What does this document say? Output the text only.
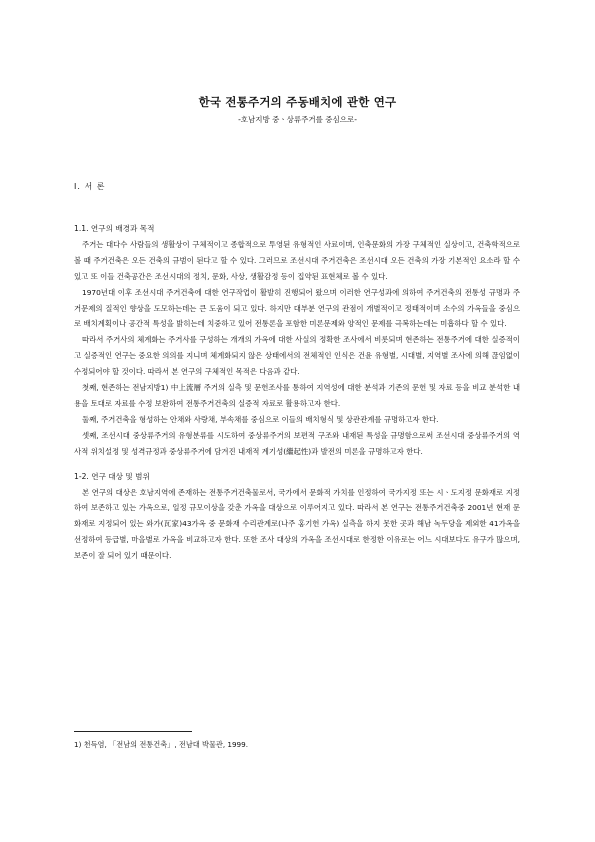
한국 전통주거의 주동배치에 관한 연구

-호남지방 중ㆍ상류주거를 중심으로-

Ⅰ. 서 론

1.1. 연구의 배경과 목적

주거는 대다수 사람들의 생활상이 구체적이고 종합적으로 투영된 유형적인 사료이며, 인축문화의 가장 구체적인 실상이고, 건축학적으로 볼 때 주거건축은 오든 건축의 규범이 된다고 할 수 있다. 그러므로 조선시대 주거건축은 조선시대 오든 건축의 가장 기본적인 요소라 할 수 있고 또 이들 건축공간은 조선시대의 정치, 문화, 사상, 생활감정 등이 집약된 표현체로 볼 수 있다.

1970년대 이후 조선시대 주거건축에 대한 연구작업이 활발히 진행되어 왔으며 이러한 연구성과에 의하여 주거건축의 전통성 규명과 주거문제의 질적인 향상을 도모하는데는 큰 도움이 되고 있다. 하지만 대부분 연구의 관점이 개별적이고 정태적이며 소수의 가옥들을 중심으로 배치계획이나 공간적 특성을 밝히는데 치중하고 있어 전통론을 포함한 미론문제와 양적인 문제를 극복하는데는 미흡하다 할 수 있다.

따라서 주거사의 체계화는 주거사를 구성하는 개개의 가옥에 대한 사실의 정확한 조사에서 비롯되며 현존하는 전통주거에 대한 실증적이고 실증적인 연구는 중요한 의의를 지니며 체계화되지 않은 상태에서의 전체적인 인식은 건윤 유형별, 시대별, 지역별 조사에 의해 끊임없이 수정되어야 할 것이다. 따라서 본 연구의 구체적인 목적은 다음과 같다.

첫째, 현존하는 전남지방1) 中上流層 주거의 실측 및 문헌조사를 통하여 지역성에 대한 분석과 기존의 문헌 및 자료 등을 비교 분석한 내용을 토대로 자료를 수정 보완하여 전통주거건축의 실증적 자료로 활용하고자 한다.

둘째, 주거건축을 형성하는 안채와 사랑채, 부속채를 중심으로 이들의 배치형식 및 상관관계를 규명하고자 한다.

셋째, 조선시대 중상류주거의 유형분류를 시도하여 중상류주거의 보편적 구조와 내재된 특성을 규명함으로써 조선시대 중상류주거의 역사적 위치설정 및 성격규정과 중상류주거에 담겨진 내재적 계기성(繼起性)과 발전의 미론을 규명하고자 한다.

1-2. 연구 대상 및 범위

본 연구의 대상은 호남지역에 존재하는 전통주거건축물로서, 국가에서 문화적 가치를 인정하여 국가지정 또는 시ㆍ도지정 문화재로 지정하여 보존하고 있는 가옥으로, 일정 규모이상을 갖춘 가옥을 대상으로 이루어지고 있다. 따라서 본 연구는 전통주거건축중 2001년 현재 문화재로 지정되어 있는 와가(瓦家)43가옥 중 문화재 수리관계로(나주 홍기헌 가옥) 실측을 하지 못한 곳과 해남 녹두당을 제외한 41가옥을 선정하여 등급별, 마을별로 가옥을 비교하고자 한다. 또한 조사 대상의 가옥을 조선시대로 한정한 이유로는 어느 시대보다도 유구가 많으며, 보존이 잘 되어 있기 때문이다.

1) 천득염, 「전남의 전통건축」, 전남대 박물관, 1999.
